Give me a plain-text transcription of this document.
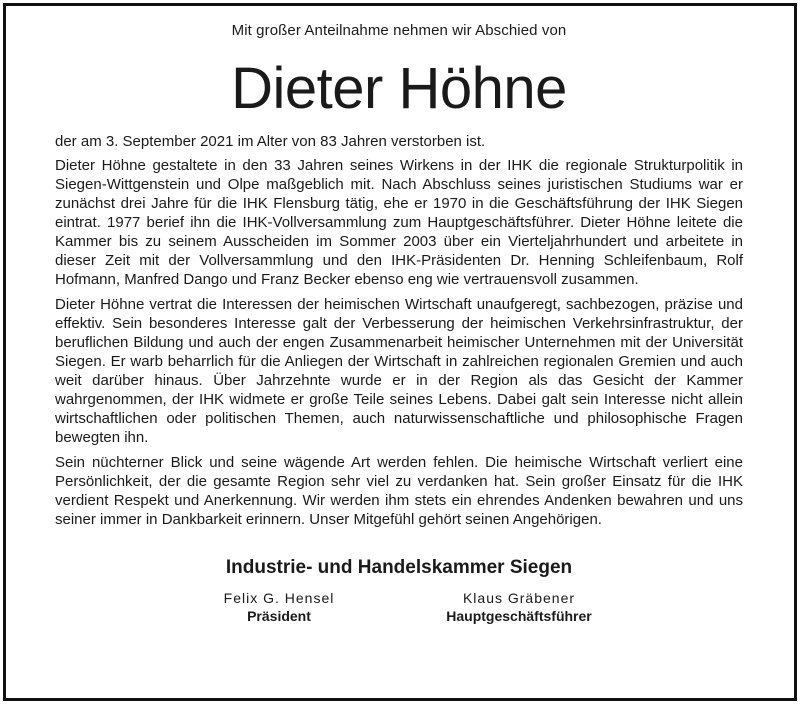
Mit großer Anteilnahme nehmen wir Abschied von

Dieter Höhne

der am 3. September 2021 im Alter von 83 Jahren verstorben ist.

Dieter Höhne gestaltete in den 33 Jahren seines Wirkens in der IHK die regionale Strukturpolitik in Siegen-Wittgenstein und Olpe maßgeblich mit. Nach Abschluss seines juristischen Studiums war er zunächst drei Jahre für die IHK Flensburg tätig, ehe er 1970 in die Geschäftsführung der IHK Siegen eintrat. 1977 berief ihn die IHK-Vollversammlung zum Hauptgeschäftsführer. Dieter Höhne leitete die Kammer bis zu seinem Ausscheiden im Sommer 2003 über ein Vierteljahrhundert und arbeitete in dieser Zeit mit der Vollversammlung und den IHK-Präsidenten Dr. Henning Schleifenbaum, Rolf Hofmann, Manfred Dango und Franz Becker ebenso eng wie vertrauensvoll zusammen.

Dieter Höhne vertrat die Interessen der heimischen Wirtschaft unaufgeregt, sachbezogen, präzise und effektiv. Sein besonderes Interesse galt der Verbesserung der heimischen Verkehrsinfrastruktur, der beruflichen Bildung und auch der engen Zusammenarbeit heimischer Unternehmen mit der Universität Siegen. Er warb beharrlich für die Anliegen der Wirtschaft in zahlreichen regionalen Gremien und auch weit darüber hinaus. Über Jahrzehnte wurde er in der Region als das Gesicht der Kammer wahrgenommen, der IHK widmete er große Teile seines Lebens. Dabei galt sein Interesse nicht allein wirtschaftlichen oder politischen Themen, auch naturwissenschaftliche und philosophische Fragen bewegten ihn.

Sein nüchterner Blick und seine wägende Art werden fehlen. Die heimische Wirtschaft verliert eine Persönlichkeit, der die gesamte Region sehr viel zu verdanken hat. Sein großer Einsatz für die IHK verdient Respekt und Anerkennung. Wir werden ihm stets ein ehrendes Andenken bewahren und uns seiner immer in Dankbarkeit erinnern. Unser Mitgefühl gehört seinen Angehörigen.

Industrie- und Handelskammer Siegen
Felix G. Hensel
Präsident
Klaus Gräbener
Hauptgeschäftsführer
